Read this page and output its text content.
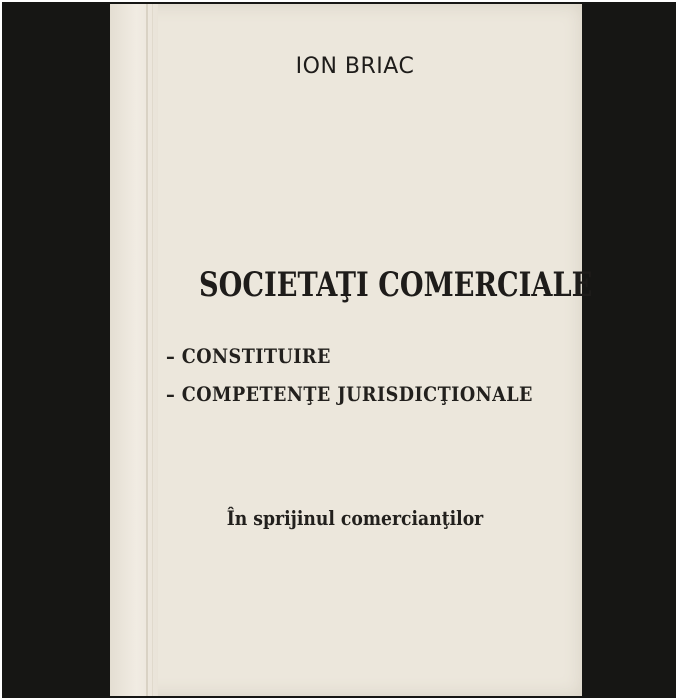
ION BRIAC
SOCIETAŢI COMERCIALE
– CONSTITUIRE
– COMPETENŢE JURISDICŢIONALE
În sprijinul comercianţilor
